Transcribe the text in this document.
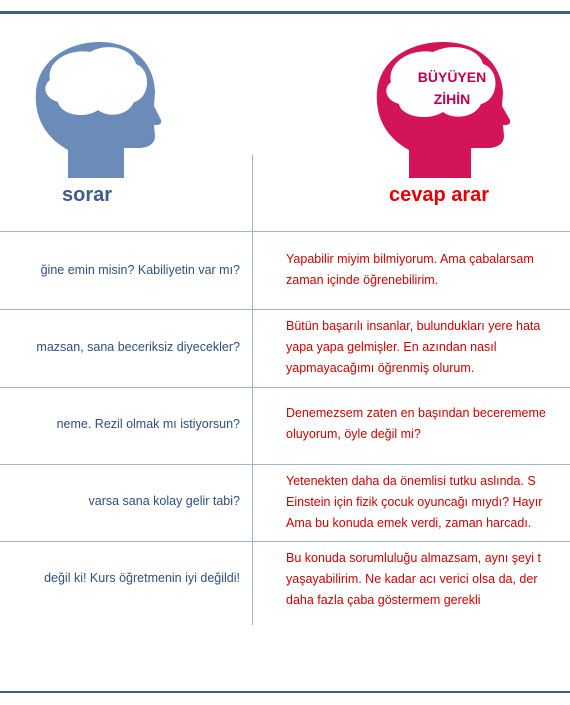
SABİT
ZİHİN
BÜYÜYEN
ZİHİN
sorar	cevap arar
ğine emin misin? Kabiliyetin var mı?
Yapabilir miyim bilmiyorum. Ama çabalarsam
zaman içinde öğrenebilirim.
mazsan, sana beceriksiz diyecekler?
Bütün başarılı insanlar, bulundukları yere hata
yapa yapa gelmişler. En azından nasıl
yapmayacağımı öğrenmiş olurum.
neme. Rezil olmak mı istiyorsun?
Denemezsem zaten en başından becerememe
oluyorum, öyle değil mi?
varsa sana kolay gelir tabi?
Yetenekten daha da önemlisi tutku aslında. S
Einstein için fizik çocuk oyuncağı mıydı? Hayır
Ama bu konuda emek verdi, zaman harcadı.
değil ki! Kurs öğretmenin iyi değildi!
Bu konuda sorumluluğu almazsam, aynı şeyi t
yaşayabilirim. Ne kadar acı verici olsa da, der
daha fazla çaba göstermem gerekli
